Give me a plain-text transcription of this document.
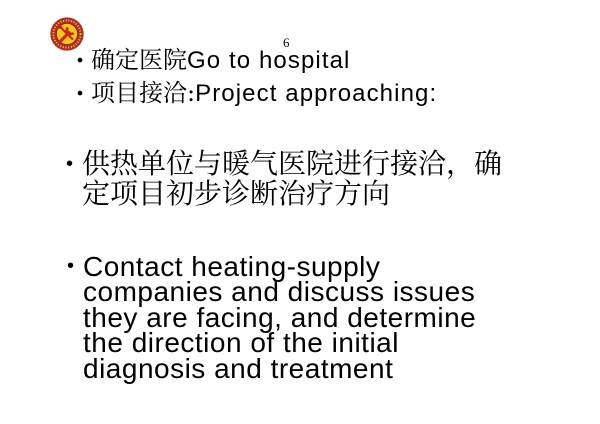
6
• 确定医院Go to hospital
• 项目接洽:Project approaching:
• 供热单位与暖气医院进行接洽，确
定项目初步诊断治疗方向
• Contact heating-supply
companies and discuss issues
they are facing, and determine
the direction of the initial
diagnosis and treatment
